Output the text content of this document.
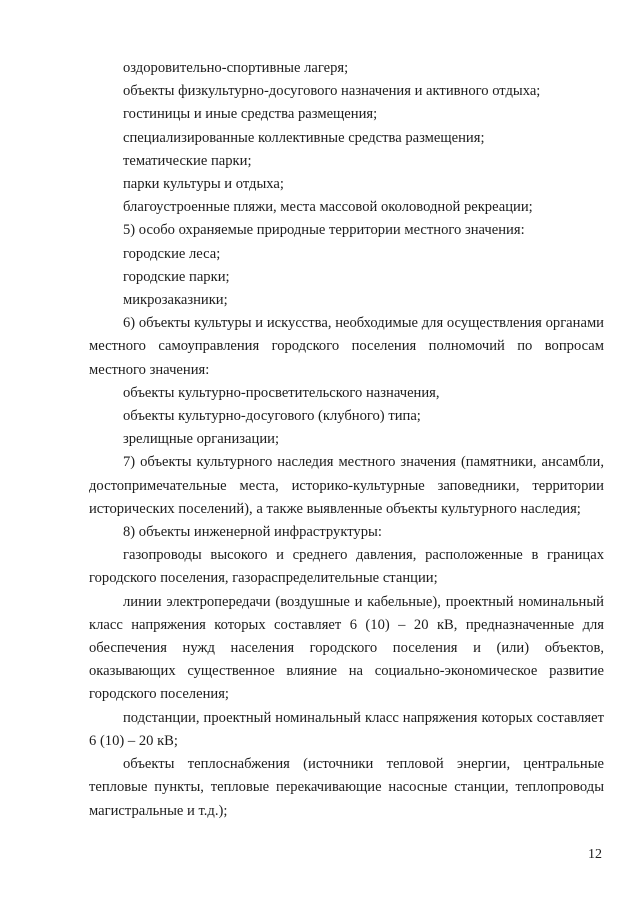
оздоровительно-спортивные лагеря;

объекты физкультурно-досугового назначения и активного отдыха;

гостиницы и иные средства размещения;

специализированные коллективные средства размещения;

тематические парки;

парки культуры и отдыха;

благоустроенные пляжи, места массовой околоводной рекреации;

5) особо охраняемые природные территории местного значения:

городские леса;

городские парки;

микрозаказники;

6) объекты культуры и искусства, необходимые для осуществления органами местного самоуправления городского поселения полномочий по вопросам местного значения:

объекты культурно-просветительского назначения,

объекты культурно-досугового (клубного) типа;

зрелищные организации;

7) объекты культурного наследия местного значения (памятники, ансамбли, достопримечательные места, историко-культурные заповедники, территории исторических поселений), а также выявленные объекты культурного наследия;

8) объекты инженерной инфраструктуры:

газопроводы высокого и среднего давления, расположенные в границах городского поселения, газораспределительные станции;

линии электропередачи (воздушные и кабельные), проектный номинальный класс напряжения которых составляет 6 (10) – 20 кВ, предназначенные для обеспечения нужд населения городского поселения и (или) объектов, оказывающих существенное влияние на социально-экономическое развитие городского поселения;

подстанции, проектный номинальный класс напряжения которых составляет 6 (10) – 20 кВ;

объекты теплоснабжения (источники тепловой энергии, центральные тепловые пункты, тепловые перекачивающие насосные станции, теплопроводы магистральные и т.д.);

12
